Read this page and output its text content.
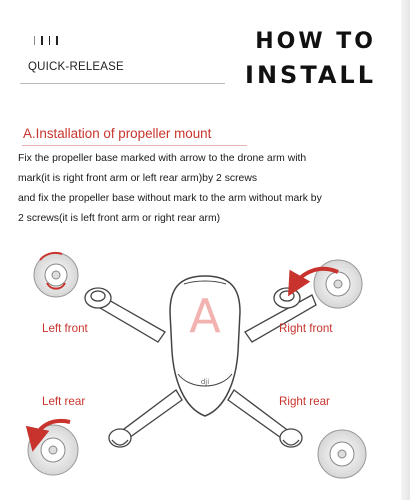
QUICK-RELEASE
HOW TO
INSTALL
A.Installation of propeller mount
Fix the propeller base marked with arrow to the drone arm with
mark(it is right front arm or left rear arm)by 2 screws
and fix the propeller base without mark to the arm without mark by
2 screws(it is left front arm or right rear arm)
A
dji
Left front	Right front
Left rear	Right rear
